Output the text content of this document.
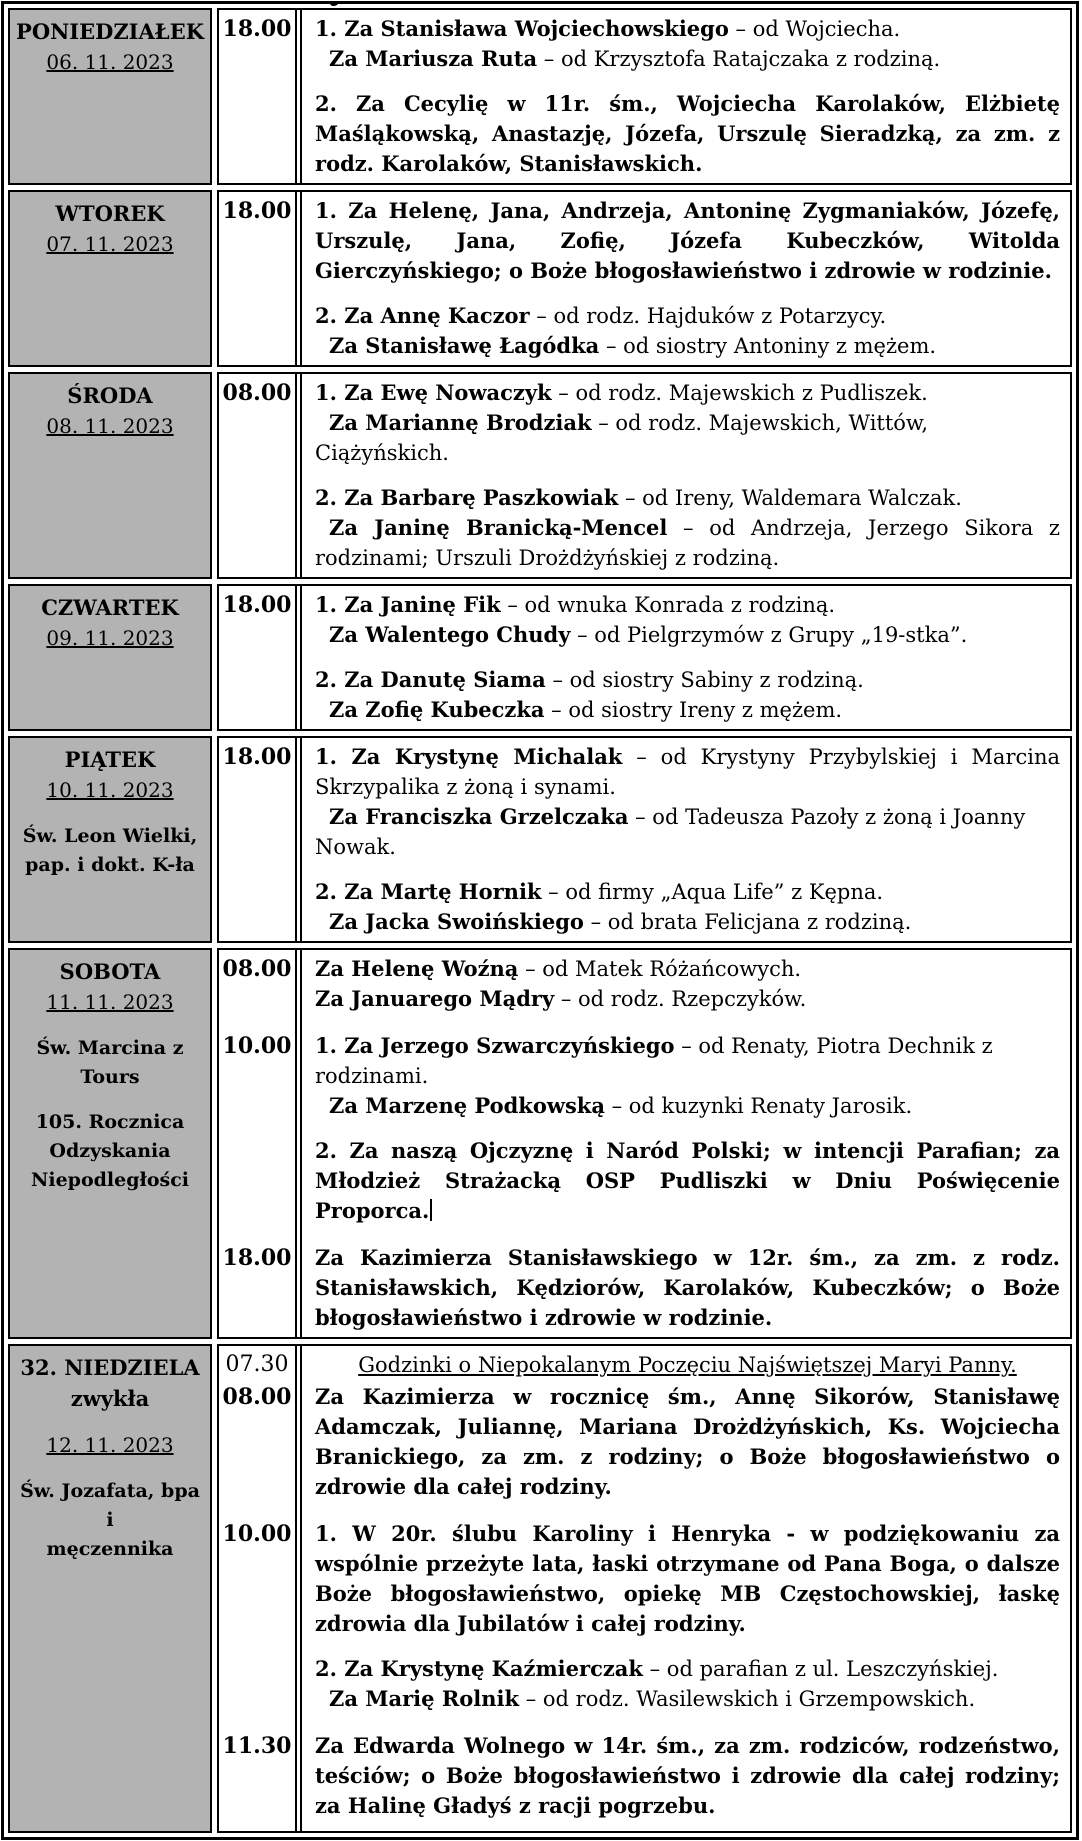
PONIEDZIAŁEK
06. 11. 2023
18.00 1. Za Stanisława Wojciechowskiego – od Wojciecha.

Za Mariusza Ruta – od Krzysztofa Ratajczaka z rodziną.

2. Za Cecylię w 11r. śm., Wojciecha Karolaków, Elżbietę Maśląkowską, Anastazję, Józefa, Urszulę Sieradzką, za zm. z rodz. Karolaków, Stanisławskich.

WTOREK
07. 11. 2023
18.00 1. Za Helenę, Jana, Andrzeja, Antoninę Zygmaniaków, Józefę, Urszulę, Jana, Zofię, Józefa Kubeczków, Witolda Gierczyńskiego; o Boże błogosławieństwo i zdrowie w rodzinie.

2. Za Annę Kaczor – od rodz. Hajduków z Potarzycy.

Za Stanisławę Łagódka – od siostry Antoniny z mężem.

ŚRODA
08. 11. 2023
08.00 1. Za Ewę Nowaczyk – od rodz. Majewskich z Pudliszek.

Za Mariannę Brodziak – od rodz. Majewskich, Wittów, Ciążyńskich.

2. Za Barbarę Paszkowiak – od Ireny, Waldemara Walczak.

Za Janinę Branicką-Mencel – od Andrzeja, Jerzego Sikora z rodzinami; Urszuli Drożdżyńskiej z rodziną.

CZWARTEK
09. 11. 2023
18.00 1. Za Janinę Fik – od wnuka Konrada z rodziną.

Za Walentego Chudy – od Pielgrzymów z Grupy „19-stka”.

2. Za Danutę Siama – od siostry Sabiny z rodziną.

Za Zofię Kubeczka – od siostry Ireny z mężem.

PIĄTEK
10. 11. 2023
Św. Leon Wielki,
pap. i dokt. K-ła
18.00 1. Za Krystynę Michalak – od Krystyny Przybylskiej i Marcina Skrzypalika z żoną i synami.

Za Franciszka Grzelczaka – od Tadeusza Pazoły z żoną i Joanny Nowak.

2. Za Martę Hornik – od firmy „Aqua Life” z Kępna.

Za Jacka Swoińskiego – od brata Felicjana z rodziną.

SOBOTA
11. 11. 2023
Św. Marcina z Tours
105. Rocznica
Odzyskania
Niepodległości
08.00 Za Helenę Woźną – od Matek Różańcowych.

Za Januarego Mądry – od rodz. Rzepczyków.

10.00 1. Za Jerzego Szwarczyńskiego – od Renaty, Piotra Dechnik z rodzinami.

Za Marzenę Podkowską – od kuzynki Renaty Jarosik.

2. Za naszą Ojczyznę i Naród Polski; w intencji Parafian; za Młodzież Strażacką OSP Pudliszki w Dniu Poświęcenie Proporca.

18.00 Za Kazimierza Stanisławskiego w 12r. śm., za zm. z rodz. Stanisławskich, Kędziorów, Karolaków, Kubeczków; o Boże błogosławieństwo i zdrowie w rodzinie.

32. NIEDZIELA
zwykła
12. 11. 2023
Św. Jozafata, bpa i
męczennika
07.30	Godzinki o Niepokalanym Poczęciu Najświętszej Maryi Panny.

08.00 Za Kazimierza w rocznicę śm., Annę Sikorów, Stanisławę Adamczak, Juliannę, Mariana Drożdżyńskich, Ks. Wojciecha Branickiego, za zm. z rodziny; o Boże błogosławieństwo o zdrowie dla całej rodziny.

10.00 1. W 20r. ślubu Karoliny i Henryka - w podziękowaniu za wspólnie przeżyte lata, łaski otrzymane od Pana Boga, o dalsze Boże błogosławieństwo, opiekę MB Częstochowskiej, łaskę zdrowia dla Jubilatów i całej rodziny.

2. Za Krystynę Kaźmierczak – od parafian z ul. Leszczyńskiej.

Za Marię Rolnik – od rodz. Wasilewskich i Grzempowskich.

11.30 Za Edwarda Wolnego w 14r. śm., za zm. rodziców, rodzeństwo, teściów; o Boże błogosławieństwo i zdrowie dla całej rodziny; za Halinę Gładyś z racji pogrzebu.
